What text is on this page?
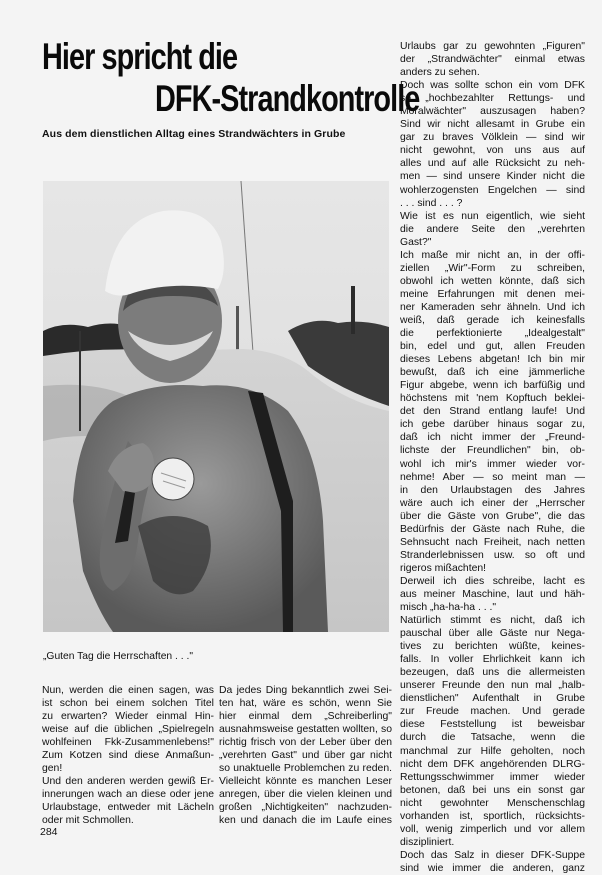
Hier spricht die
DFK-Strandkontrolle
Aus dem dienstlichen Alltag eines Strandwächters in Grube
„Guten Tag die Herrschaften . . ."
Nun, werden die einen sagen, was
ist schon bei einem solchen Titel
zu erwarten? Wieder einmal Hin-
weise auf die üblichen „Spielregeln
wohlfeinen Fkk-Zusammenlebens!"
Zum Kotzen sind diese Anmaßun-
gen!
Und den anderen werden gewiß Er-
innerungen wach an diese oder jene
Urlaubstage, entweder mit Lächeln
oder mit Schmollen.
Da jedes Ding bekanntlich zwei Sei-
ten hat, wäre es schön, wenn Sie
hier einmal dem „Schreiberling"
ausnahmsweise gestatten wollten, so
richtig frisch von der Leber über den
„verehrten Gast" und über gar nicht
so unaktuelle Problemchen zu reden.
Vielleicht könnte es manchen Leser
anregen, über die vielen kleinen und
großen „Nichtigkeiten" nachzuden-
ken und danach die im Laufe eines
Urlaubs gar zu gewohnten „Figuren"
der „Strandwächter" einmal etwas
anders zu sehen.
Doch was sollte schon ein vom DFK
so „hochbezahlter Rettungs- und
Moralwächter" auszusagen haben?
Sind wir nicht allesamt in Grube ein
gar zu braves Völklein — sind wir
nicht gewohnt, von uns aus auf
alles und auf alle Rücksicht zu neh-
men — sind unsere Kinder nicht die
wohlerzogensten Engelchen — sind
. . . sind . . . ?
Wie ist es nun eigentlich, wie sieht
die andere Seite den „verehrten
Gast?"
Ich maße mir nicht an, in der offi-
ziellen „Wir"-Form zu schreiben,
obwohl ich wetten könnte, daß sich
meine Erfahrungen mit denen mei-
ner Kameraden sehr ähneln. Und ich
weiß, daß gerade ich keinesfalls
die perfektionierte „Idealgestalt"
bin, edel und gut, allen Freuden
dieses Lebens abgetan! Ich bin mir
bewußt, daß ich eine jämmerliche
Figur abgebe, wenn ich barfüßig und
höchstens mit 'nem Kopftuch beklei-
det den Strand entlang laufe! Und
ich gebe darüber hinaus sogar zu,
daß ich nicht immer der „Freund-
lichste der Freundlichen" bin, ob-
wohl ich mir's immer wieder vor-
nehme! Aber — so meint man —
in den Urlaubstagen des Jahres
wäre auch ich einer der „Herrscher
über die Gäste von Grube", die das
Bedürfnis der Gäste nach Ruhe, die
Sehnsucht nach Freiheit, nach netten
Stranderlebnissen usw. so oft und
rigeros mißachten!
Derweil ich dies schreibe, lacht es
aus meiner Maschine, laut und häh-
misch „ha-ha-ha . . ."
Natürlich stimmt es nicht, daß ich
pauschal über alle Gäste nur Nega-
tives zu berichten wüßte, keines-
falls. In voller Ehrlichkeit kann ich
bezeugen, daß uns die allermeisten
unserer Freunde den nun mal „halb-
dienstlichen" Aufenthalt in Grube
zur Freude machen. Und gerade
diese Feststellung ist beweisbar
durch die Tatsache, wenn die
manchmal zur Hilfe geholten, noch
nicht dem DFK angehörenden DLRG-
Rettungsschwimmer immer wieder
betonen, daß bei uns ein sonst gar
nicht gewohnter Menschenschlag
vorhanden ist, sportlich, rücksichts-
voll, wenig zimperlich und vor allem
diszipliniert.
Doch das Salz in dieser DFK-Suppe
sind wie immer die anderen, ganz
284
